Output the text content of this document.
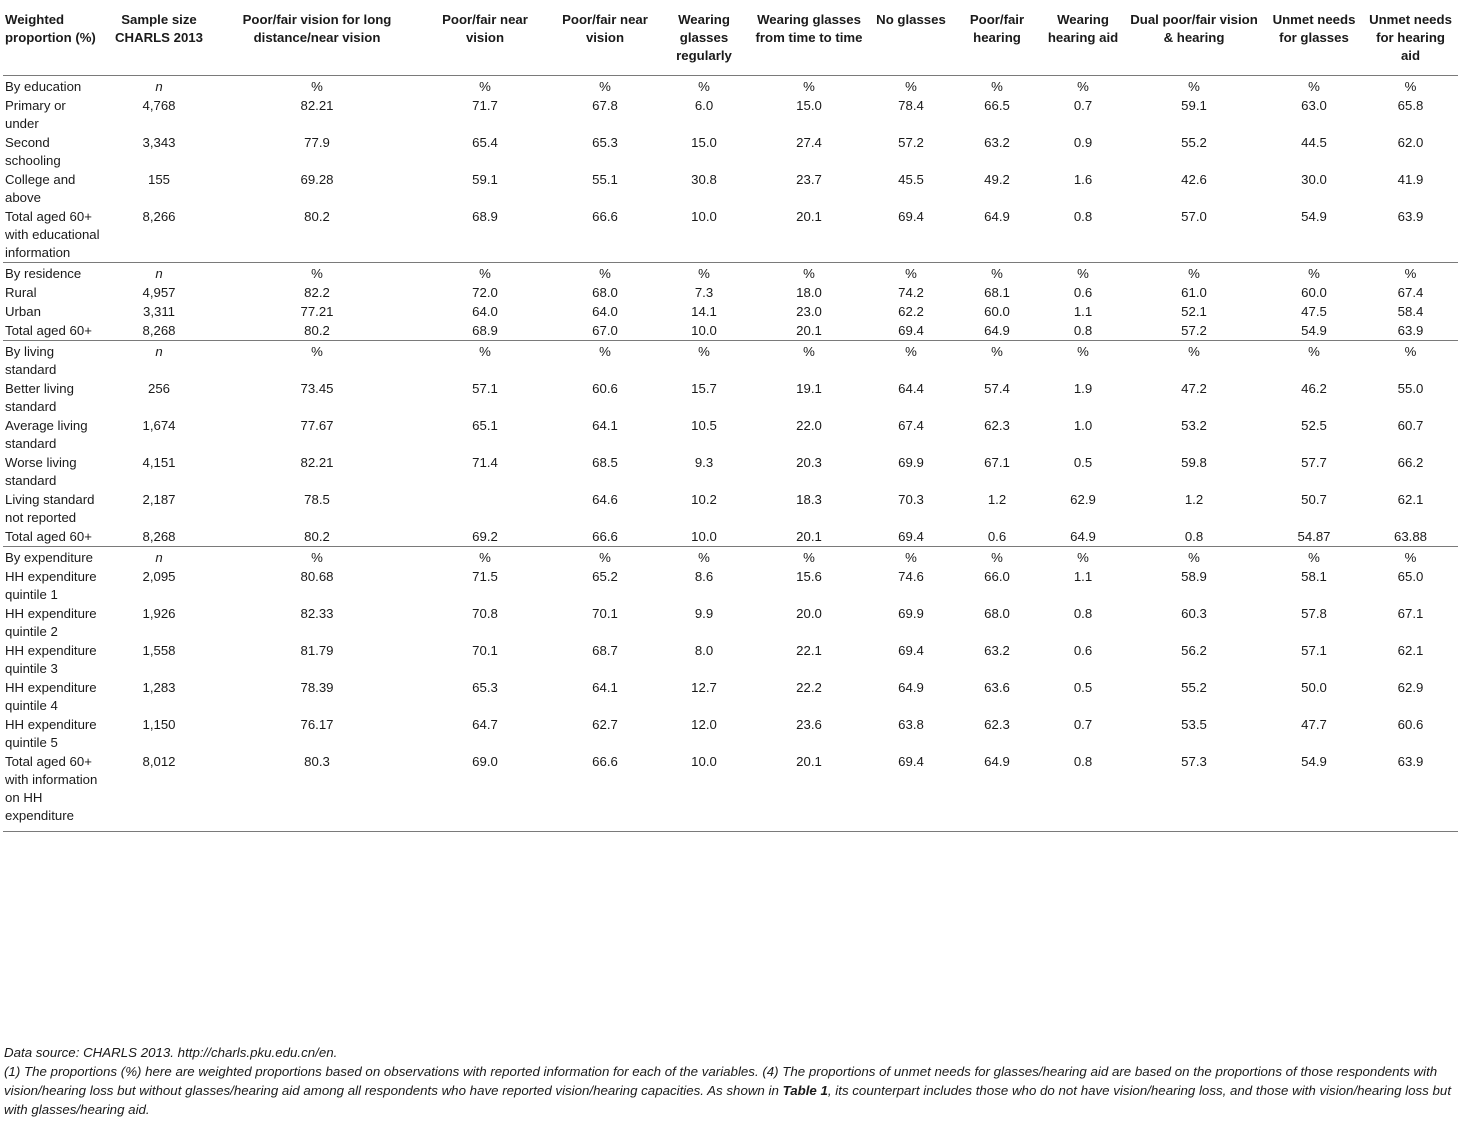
Weighted proportion (%)	Sample size CHARLS 2013	Poor/fair vision for long distance/near vision	Poor/fair near vision	Poor/fair near vision	Wearing glasses regularly	Wearing glasses from time to time	No glasses	Poor/fair hearing	Wearing hearing aid	Dual poor/fair vision & hearing	Unmet needs for glasses	Unmet needs for hearing aid
By education	n	%	%	%	%	%	%	%	%	%	%	%
Primary or under	4,768	82.21	71.7	67.8	6.0	15.0	78.4	66.5	0.7	59.1	63.0	65.8
Second schooling	3,343	77.9	65.4	65.3	15.0	27.4	57.2	63.2	0.9	55.2	44.5	62.0
College and above	155	69.28	59.1	55.1	30.8	23.7	45.5	49.2	1.6	42.6	30.0	41.9
Total aged 60+ with educational information	8,266	80.2	68.9	66.6	10.0	20.1	69.4	64.9	0.8	57.0	54.9	63.9
By residence	n	%	%	%	%	%	%	%	%	%	%	%
Rural	4,957	82.2	72.0	68.0	7.3	18.0	74.2	68.1	0.6	61.0	60.0	67.4
Urban	3,311	77.21	64.0	64.0	14.1	23.0	62.2	60.0	1.1	52.1	47.5	58.4
Total aged 60+	8,268	80.2	68.9	67.0	10.0	20.1	69.4	64.9	0.8	57.2	54.9	63.9
By living standard	n	%	%	%	%	%	%	%	%	%	%	%
Better living standard	256	73.45	57.1	60.6	15.7	19.1	64.4	57.4	1.9	47.2	46.2	55.0
Average living standard	1,674	77.67	65.1	64.1	10.5	22.0	67.4	62.3	1.0	53.2	52.5	60.7
Worse living standard	4,151	82.21	71.4	68.5	9.3	20.3	69.9	67.1	0.5	59.8	57.7	66.2
Living standard not reported	2,187	78.5		64.6	10.2	18.3	70.3	1.2	62.9	1.2	50.7	62.1
Total aged 60+	8,268	80.2	69.2	66.6	10.0	20.1	69.4	0.6	64.9	0.8	54.87	63.88
By expenditure	n	%	%	%	%	%	%	%	%	%	%	%
HH expenditure quintile 1	2,095	80.68	71.5	65.2	8.6	15.6	74.6	66.0	1.1	58.9	58.1	65.0
HH expenditure quintile 2	1,926	82.33	70.8	70.1	9.9	20.0	69.9	68.0	0.8	60.3	57.8	67.1
HH expenditure quintile 3	1,558	81.79	70.1	68.7	8.0	22.1	69.4	63.2	0.6	56.2	57.1	62.1
HH expenditure quintile 4	1,283	78.39	65.3	64.1	12.7	22.2	64.9	63.6	0.5	55.2	50.0	62.9
HH expenditure quintile 5	1,150	76.17	64.7	62.7	12.0	23.6	63.8	62.3	0.7	53.5	47.7	60.6
Total aged 60+ with information on HH expenditure	8,012	80.3	69.0	66.6	10.0	20.1	69.4	64.9	0.8	57.3	54.9	63.9

Data source: CHARLS 2013. http://charls.pku.edu.cn/en.

(1) The proportions (%) here are weighted proportions based on observations with reported information for each of the variables. (4) The proportions of unmet needs for glasses/hearing aid are based on the proportions of those respondents with vision/hearing loss but without glasses/hearing aid among all respondents who have reported vision/hearing capacities. As shown in Table 1, its counterpart includes those who do not have vision/hearing loss, and those with vision/hearing loss but with glasses/hearing aid.
